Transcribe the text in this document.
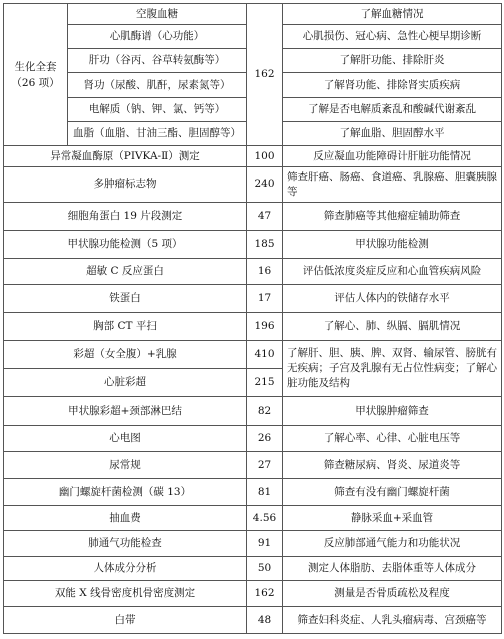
生化全套
（26 项）	空腹血糖	162	了解血糖情况
	心肌酶谱（心功能）		心肌损伤、冠心病、急性心梗早期诊断
	肝功（谷丙、谷草转氨酶等）		了解肝功能、排除肝炎
	肾功（尿酸、肌酐，尿素氮等）		了解肾功能、排除肾实质疾病
	电解质（钠、钾、氯、钙等）		了解是否电解质紊乱和酸碱代谢紊乱
	血脂（血脂、甘油三酯、胆固醇等）		了解血脂、胆固醇水平
异常凝血酶原（PIVKA-Ⅱ）测定		100	反应凝血功能障碍计肝脏功能情况
多肿瘤标志物		240	筛查肝癌、肠癌、食道癌、乳腺癌、胆囊胰腺等
细胞角蛋白 19 片段测定		47	筛查肺癌等其他瘤症辅助筛查
甲状腺功能检测（5 项）		185	甲状腺功能检测
超敏 C 反应蛋白		16	评估低浓度炎症反应和心血管疾病风险
铁蛋白		17	评估人体内的铁储存水平
胸部 CT 平扫		196	了解心、肺、纵膈、膈肌情况
彩超（女全腹）+乳腺		410	了解肝、胆、胰、脾、双肾、输尿管、膀胱有无疾病；子宫及乳腺有无占位性病变；了解心脏功能及结构
心脏彩超		215	
甲状腺彩超+颈部淋巴结		82	甲状腺肿瘤筛查
心电图		26	了解心率、心律、心脏电压等
尿常规		27	筛查糖尿病、肾炎、尿道炎等
幽门螺旋杆菌检测（碳 13）		81	筛查有没有幽门螺旋杆菌
抽血费		4.56	静脉采血+采血管
肺通气功能检查		91	反应肺部通气能力和功能状况
人体成分分析		50	测定人体脂肪、去脂体重等人体成分
双能 X 线骨密度机骨密度测定		162	测量是否骨质疏松及程度
白带		48	筛查妇科炎症、人乳头瘤病毒、宫颈癌等
